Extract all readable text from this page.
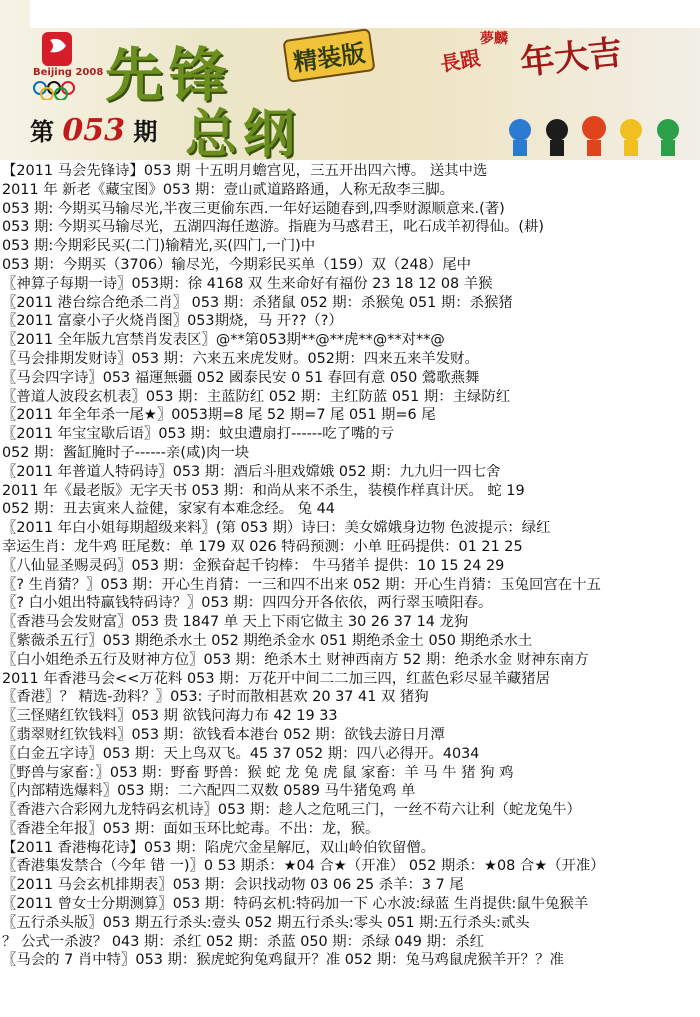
Beijing 2008 先锋	精装版
总纲
第 053 期
夢麟
長跟 年大吉
【2011 马会先锋诗】053 期 十五明月蟾宫见，三五开出四六博。 送其中选
2011 年 新老《藏宝图》053 期：壹山贰道路路通，人称无敌李三脚。
053 期: 今期买马输尽光,半夜三更偷东西.一年好运随春到,四季财源顺意来.(著)
053 期: 今期买马输尽光，五湖四海任遨游。指鹿为马惑君王，叱石成羊初得仙。(耕)
053 期:今期彩民买(二门)输精光,买(四门,一门)中
053 期：今期买（3706）输尽光，今期彩民买单（159）双（248）尾中
〖神算子每期一诗〗053期：徐 4168 双 生来命好有福份 23 18 12 08 羊猴
〖2011 港台综合绝杀二肖〗 053 期：杀猪鼠 052 期：杀猴兔 051 期：杀猴猪
〖2011 富豪小子火烧肖图〗053期烧，马 开??（?）
〖2011 全年版九宫禁肖发表区〗@**第053期**@**虎**@**对**@
〖马会排期发财诗〗053 期：六来五来虎发财。052期：四来五来羊发财。
〖马会四字诗〗053 福運無疆 052 國泰民安 0 51 春回有意 050 鶯歌燕舞
〖普道人波段玄机表〗053 期：主蓝防红 052 期：主红防蓝 051 期：主绿防红
〖2011 年全年杀一尾★〗0053期=8 尾 52 期=7 尾 051 期=6 尾
〖2011 年宝宝歇后语〗053 期：蚊虫遭扇打------吃了嘴的亏
052 期：酱缸腌时子------亲(咸)肉一块
〖2011 年普道人特码诗〗053 期：酒后斗胆戏嫦娥 052 期：九九归一四七舍
2011 年《最老版》无字天书 053 期：和尚从来不杀生，装模作样真计厌。 蛇 19
052 期：丑去寅来人益健，家家有本难念经。 兔 44
〖2011 年白小姐每期超级来料〗(第 053 期）诗曰：美女嫦娥身边物 色波提示：绿红
幸运生肖：龙牛鸡 旺尾数：单 179 双 026 特码预测：小单 旺码提供：01 21 25
〖八仙显圣赐灵码〗053 期：金猴奋起千钧棒： 牛马猪羊 提供：10 15 24 29
〖? 生肖猜？〗053 期：开心生肖猜：一三和四不出来 052 期：开心生肖猜：玉兔回宫在十五
〖? 白小姐出特赢钱特码诗？〗053 期：四四分开各依依，两行翠玉喷阳春。
〖香港马会发财富〗053 贵 1847 单 天上下雨它做主 30 26 37 14 龙狗
〖紫薇杀五行〗053 期绝杀水土 052 期绝杀金水 051 期绝杀金土 050 期绝杀水土
〖白小姐绝杀五行及财神方位〗053 期：绝杀木土 财神西南方 52 期：绝杀水金 财神东南方
2011 年香港马会<<万花料 053 期：万花开中间二二加三四，红蓝色彩尽显羊藏猪居
〖香港〗？ 精选-劲料？〗053: 子时而散相甚欢 20 37 41 双 猪狗
〖三怪赌红钦钱料〗053 期 欲钱问海力布 42 19 33
〖翡翠财红钦钱料〗053 期：欲钱看本港台 052 期：欲钱去游日月潭
〖白金五字诗〗053 期：天上鸟双飞。45 37 052 期：四八必得开。4034
〖野兽与家畜：〗053 期：野畜 野兽：猴 蛇 龙 兔 虎 鼠 家畜：羊 马 牛 猪 狗 鸡
〖内部精选爆料〗053 期：二六配四二双数 0589 马牛猪兔鸡 单
〖香港六合彩网九龙特码玄机诗〗053 期：趁人之危吼三门，一丝不苟六让利（蛇龙兔牛）
〖香港全年报〗053 期：面如玉环比蛇毒。不出：龙，猴。
【2011 香港梅花诗】053 期：陷虎穴金星解厄，双山岭伯钦留僧。
〖香港集发禁合（今年 错 一)〗0 53 期杀：★04 合★（开准） 052 期杀：★08 合★（开准）
〖2011 马会玄机排期表〗053 期：会识找动物 03 06 25 杀羊：3 7 尾
〖2011 曾女士分期测算〗053 期：特码玄机:特码加一下 心水波:绿蓝 生肖提供:鼠牛兔猴羊
〖五行杀头版〗053 期五行杀头:壹头 052 期五行杀头:零头 051 期:五行杀头:贰头
？ 公式一杀波？ 043 期：杀红 052 期：杀蓝 050 期：杀绿 049 期：杀红
〖马会的 7 肖中特〗053 期：猴虎蛇狗兔鸡鼠开？准 052 期：兔马鸡鼠虎猴羊开？？准
